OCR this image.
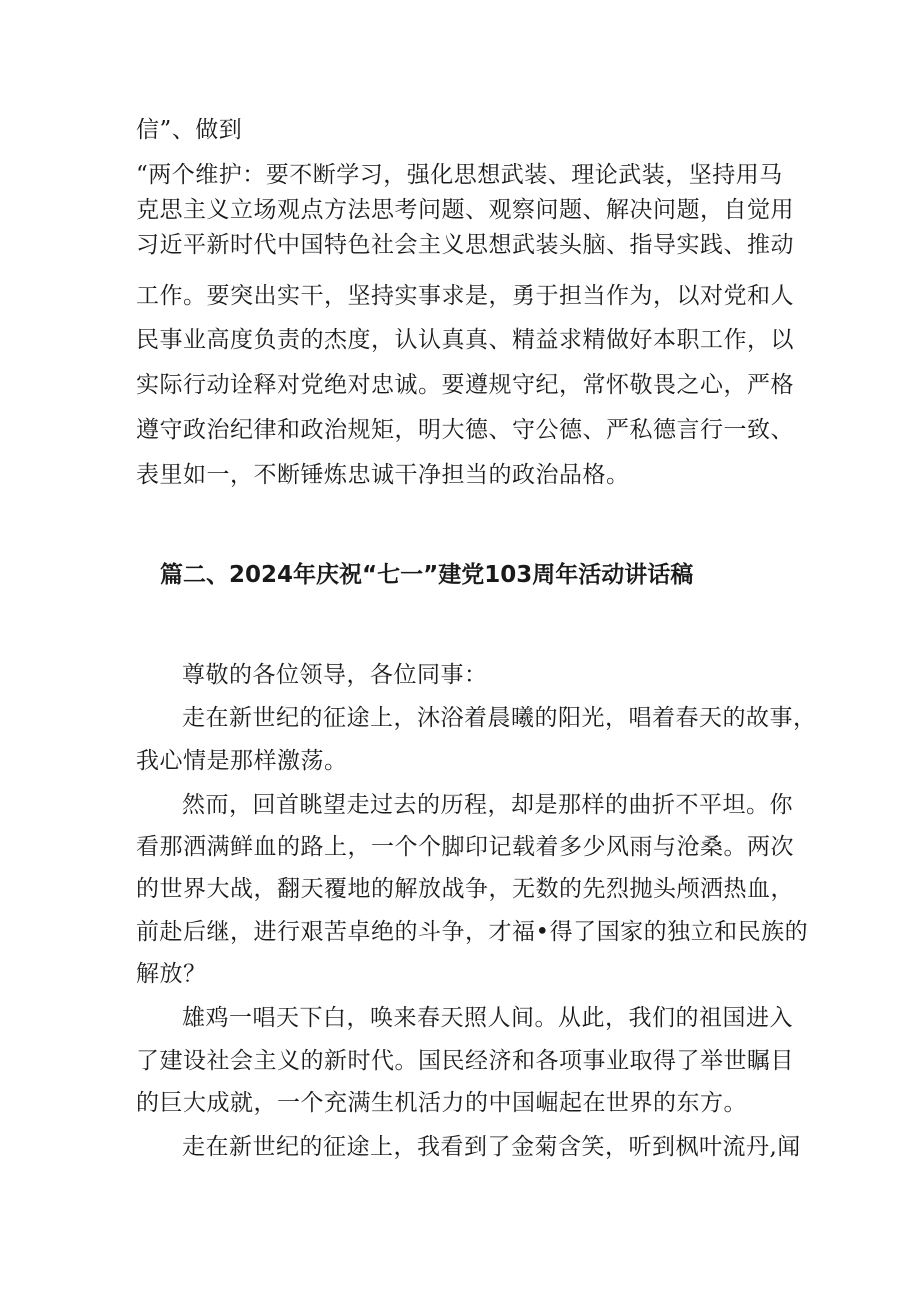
信”、做到
“两个维护：要不断学习，强化思想武装、理论武装，坚持用马
克思主义立场观点方法思考问题、观察问题、解决问题，自觉用
习近平新时代中国特色社会主义思想武装头脑、指导实践、推动
工作。要突出实干，坚持实事求是，勇于担当作为，以对党和人
民事业高度负责的杰度，认认真真、精益求精做好本职工作，以
实际行动诠释对党绝对忠诚。要遵规守纪，常怀敬畏之心，严格
遵守政治纪律和政治规矩，明大德、守公德、严私德言行一致、
表里如一，不断锤炼忠诚干净担当的政治品格。
篇二、2024年庆祝“七一”建党103周年活动讲话稿
尊敬的各位领导，各位同事：
走在新世纪的征途上，沐浴着晨曦的阳光，唱着春天的故事，
我心情是那样激荡。
然而，回首眺望走过去的历程，却是那样的曲折不平坦。你
看那洒满鲜血的路上，一个个脚印记载着多少风雨与沧桑。两次
的世界大战，翻天覆地的解放战争，无数的先烈抛头颅洒热血，
前赴后继，进行艰苦卓绝的斗争，才福•得了国家的独立和民族的
解放？
雄鸡一唱天下白，唤来春天照人间。从此，我们的祖国进入
了建设社会主义的新时代。国民经济和各项事业取得了举世瞩目
的巨大成就，一个充满生机活力的中国崛起在世界的东方。
走在新世纪的征途上，我看到了金菊含笑，听到枫叶流丹,闻
